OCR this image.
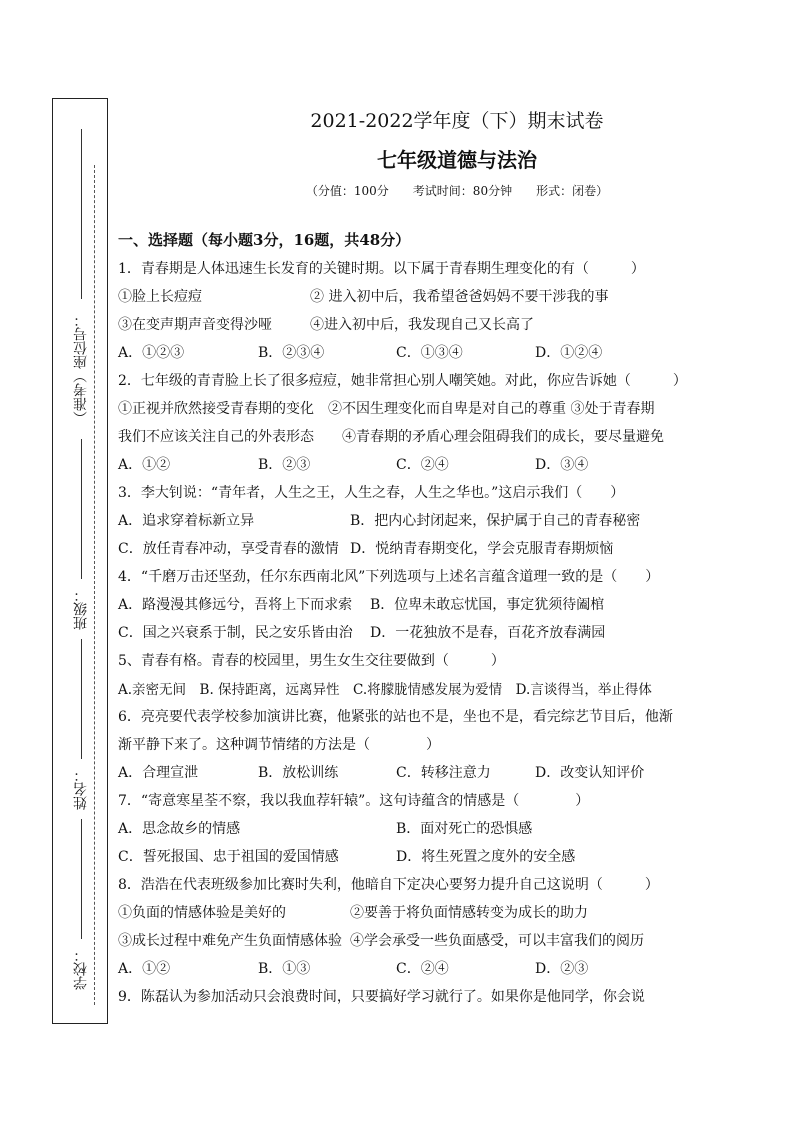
（准考）座位号：
班级：
姓名：
学校：
2021-2022学年度（下）期末试卷
七年级道德与法治
（分值：100分　　考试时间：80分钟　　形式：闭卷）
一、选择题（每小题3分，16题，共48分）
1．青春期是人体迅速生长发育的关键时期。以下属于青春期生理变化的有（　　　）
①脸上长痘痘	② 进入初中后，我希望爸爸妈妈不要干涉我的事
③在变声期声音变得沙哑	④进入初中后，我发现自己又长高了
A．①②③	B．②③④	C．①③④	D．①②④
2．七年级的青青脸上长了很多痘痘，她非常担心别人嘲笑她。对此，你应告诉她（　　　）
①正视并欣然接受青春期的变化　②不因生理变化而自卑是对自己的尊重 ③处于青春期
我们不应该关注自己的外表形态　　④青春期的矛盾心理会阻碍我们的成长，要尽量避免
A．①②	B．②③	C．②④	D．③④
3．李大钊说：“青年者，人生之王，人生之春，人生之华也。”这启示我们（　　）
A．追求穿着标新立异	B．把内心封闭起来，保护属于自己的青春秘密
C．放任青春冲动，享受青春的激情 D．悦纳青春期变化，学会克服青春期烦恼
4．“千磨万击还坚劲，任尔东西南北风”下列选项与上述名言蕴含道理一致的是（　　）
A．路漫漫其修远兮，吾将上下而求索 B．位卑未敢忘忧国，事定犹须待阖棺
C．国之兴衰系于制，民之安乐皆由治 D．一花独放不是春，百花齐放春满园
5、青春有格。青春的校园里，男生女生交往要做到（　　　）
A.亲密无间　B. 保持距离，远离异性　C.将朦胧情感发展为爱情　D.言谈得当，举止得体
6．亮亮要代表学校参加演讲比赛，他紧张的站也不是，坐也不是，看完综艺节目后，他渐
渐平静下来了。这种调节情绪的方法是（　　　　）
A．合理宣泄	B．放松训练	C．转移注意力	D．改变认知评价
7．“寄意寒星荃不察，我以我血荐轩辕”。这句诗蕴含的情感是（　　　　）
A．思念故乡的情感	B．面对死亡的恐惧感
C．誓死报国、忠于祖国的爱国情感	D．将生死置之度外的安全感
8．浩浩在代表班级参加比赛时失利，他暗自下定决心要努力提升自己这说明（　　　）
①负面的情感体验是美好的	②要善于将负面情感转变为成长的助力
③成长过程中难免产生负面情感体验 ④学会承受一些负面感受，可以丰富我们的阅历
A．①②	B．①③	C．②④	D．②③
9．陈磊认为参加活动只会浪费时间，只要搞好学习就行了。如果你是他同学，你会说
